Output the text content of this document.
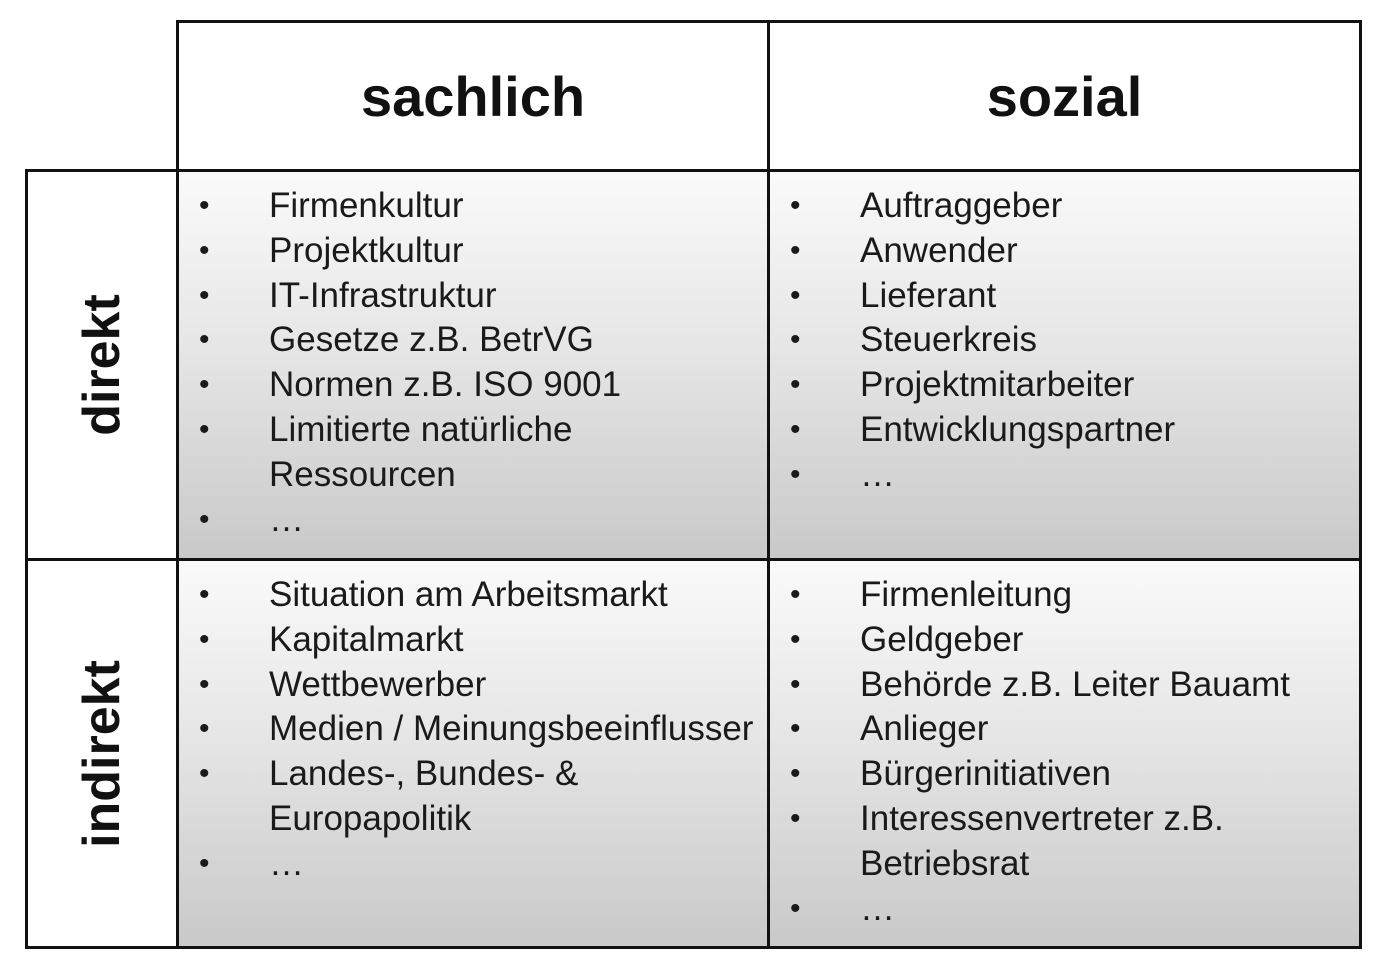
sachlich	sozial
direkt
indirekt
• Firmenkultur
• Projektkultur
• IT-Infrastruktur
• Gesetze z.B. BetrVG
• Normen z.B. ISO 9001
• Limitierte natürliche Ressourcen
• …
• Auftraggeber
• Anwender
• Lieferant
• Steuerkreis
• Projektmitarbeiter
• Entwicklungspartner
• …
• Situation am Arbeitsmarkt
• Kapitalmarkt
• Wettbewerber
• Medien / Meinungsbeeinflusser
• Landes-, Bundes- & Europapolitik
• …
• Firmenleitung
• Geldgeber
• Behörde z.B. Leiter Bauamt
• Anlieger
• Bürgerinitiativen
• Interessenvertreter z.B. Betriebsrat
• …
